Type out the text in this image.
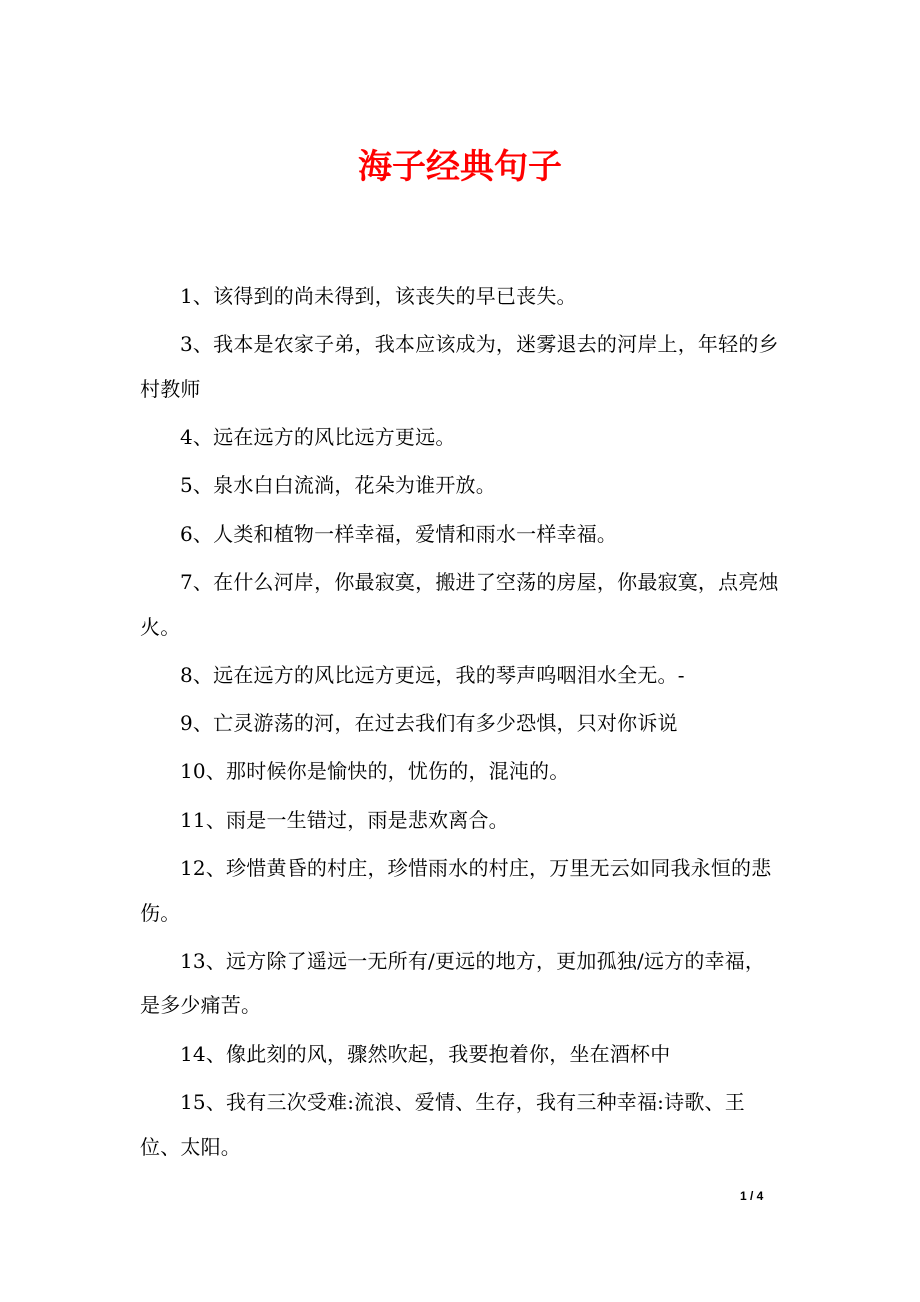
海子经典句子

1、该得到的尚未得到，该丧失的早已丧失。

3、我本是农家子弟，我本应该成为，迷雾退去的河岸上，年轻的乡村教师

4、远在远方的风比远方更远。

5、泉水白白流淌，花朵为谁开放。

6、人类和植物一样幸福，爱情和雨水一样幸福。

7、在什么河岸，你最寂寞，搬进了空荡的房屋，你最寂寞，点亮烛火。

8、远在远方的风比远方更远，我的琴声呜咽泪水全无。-

9、亡灵游荡的河，在过去我们有多少恐惧，只对你诉说

10、那时候你是愉快的，忧伤的，混沌的。

11、雨是一生错过，雨是悲欢离合。

12、珍惜黄昏的村庄，珍惜雨水的村庄，万里无云如同我永恒的悲伤。

13、远方除了遥远一无所有/更远的地方，更加孤独/远方的幸福，是多少痛苦。

14、像此刻的风，骤然吹起，我要抱着你，坐在酒杯中

15、我有三次受难:流浪、爱情、生存，我有三种幸福:诗歌、王位、太阳。

1 / 4
